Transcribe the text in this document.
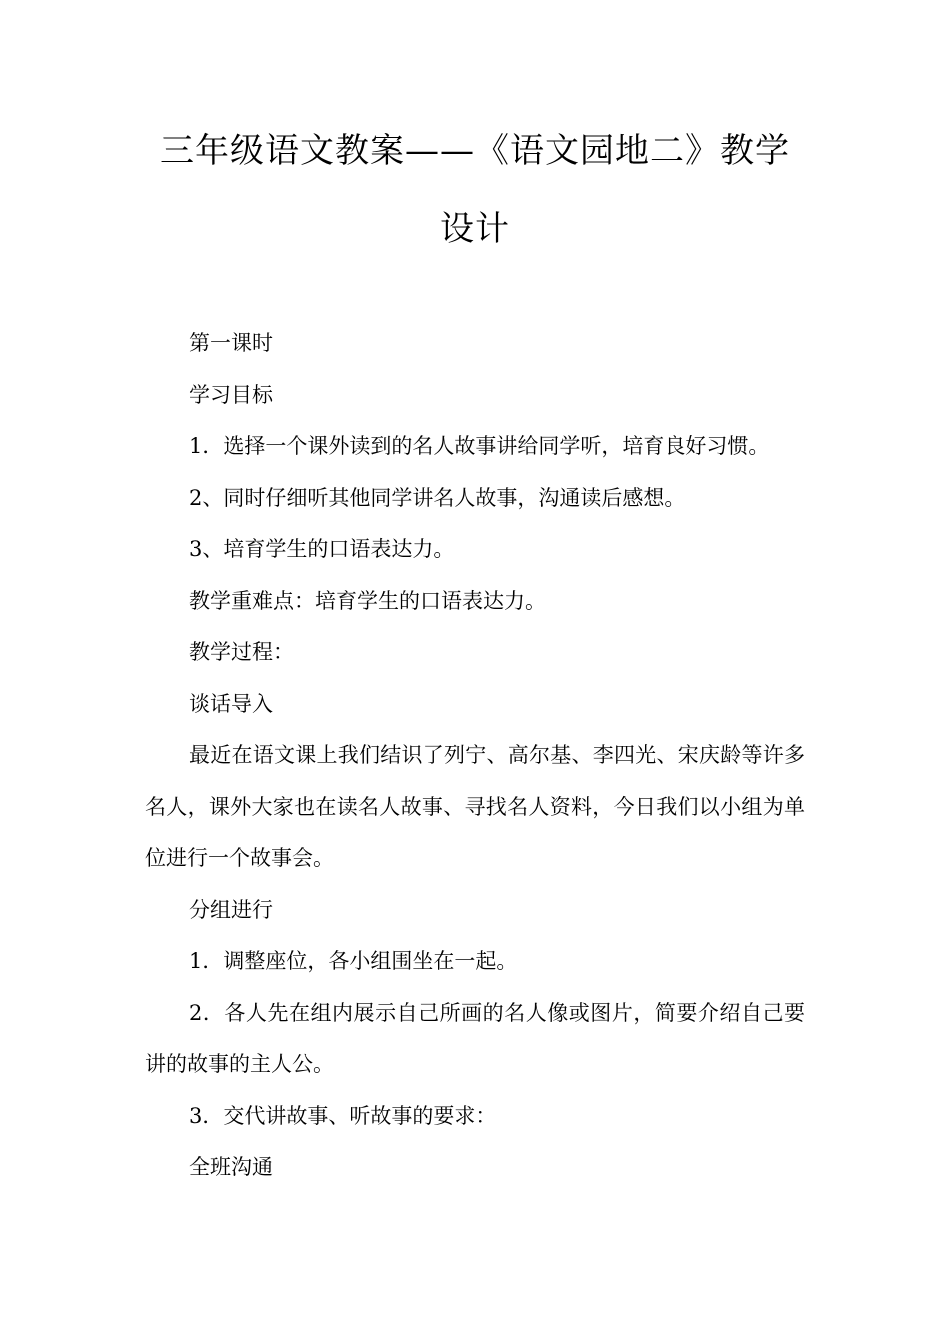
三年级语文教案——《语文园地二》教学设计

第一课时

学习目标

1．选择一个课外读到的名人故事讲给同学听，培育良好习惯。

2、同时仔细听其他同学讲名人故事，沟通读后感想。

3、培育学生的口语表达力。

教学重难点：培育学生的口语表达力。

教学过程：

谈话导入

最近在语文课上我们结识了列宁、高尔基、李四光、宋庆龄等许多名人，课外大家也在读名人故事、寻找名人资料，今日我们以小组为单位进行一个故事会。

分组进行

1．调整座位，各小组围坐在一起。

2．各人先在组内展示自己所画的名人像或图片，简要介绍自己要讲的故事的主人公。

3．交代讲故事、听故事的要求：

全班沟通
